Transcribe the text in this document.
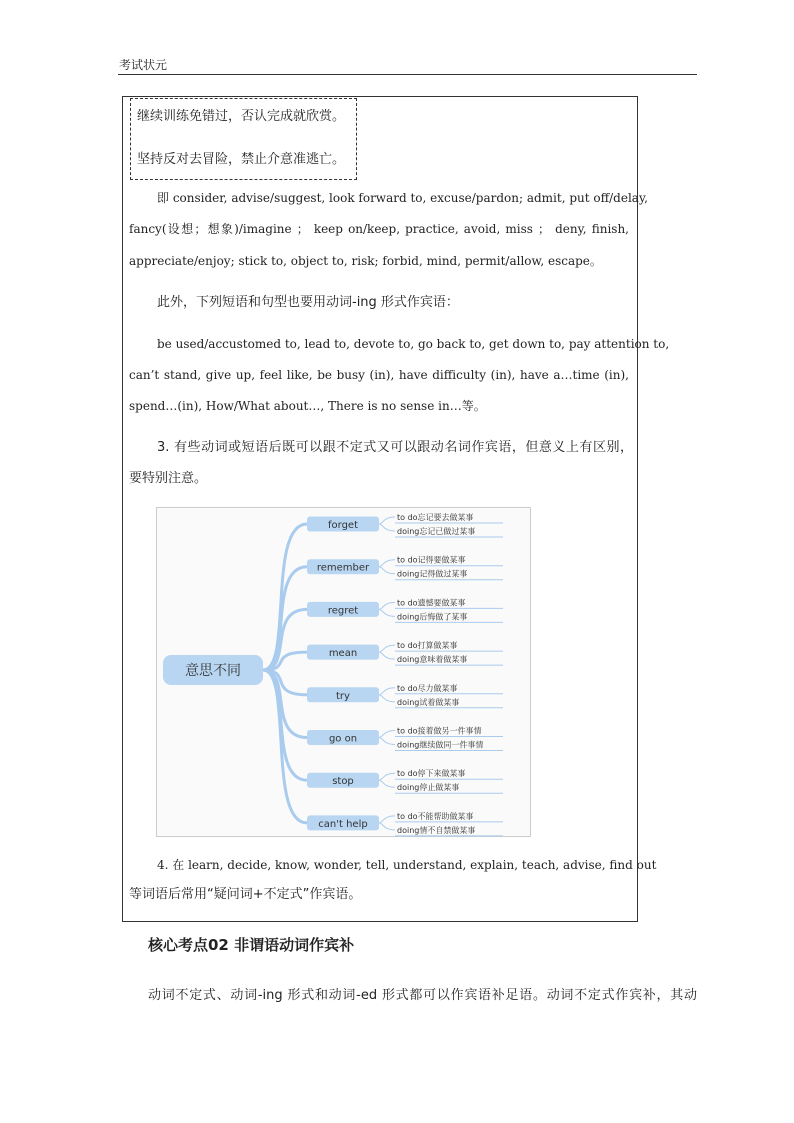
考试状元
继续训练免错过，否认完成就欣赏。
坚持反对去冒险，禁止介意准逃亡。
即 consider, advise/suggest, look forward to, excuse/pardon; admit, put off/delay,
fancy(设想；想象)/imagine ； keep on/keep, practice, avoid, miss ； deny, finish,
appreciate/enjoy; stick to, object to, risk; forbid, mind, permit/allow, escape。
此外，下列短语和句型也要用动词-ing 形式作宾语：
be used/accustomed to, lead to, devote to, go back to, get down to, pay attention to,
can’t stand, give up, feel like, be busy (in), have difficulty (in), have a…time (in),
spend…(in), How/What about…, There is no sense in…等。
3. 有些动词或短语后既可以跟不定式又可以跟动名词作宾语，但意义上有区别，
要特别注意。
意思不同
forget
to do忘记要去做某事
doing忘记已做过某事
remember
to do记得要做某事
doing记得做过某事
regret
to do遗憾要做某事
doing后悔做了某事
mean
to do打算做某事
doing意味着做某事
try
to do尽力做某事
doing试着做某事
go on
to do接着做另一件事情
doing继续做同一件事情
stop
to do停下来做某事
doing停止做某事
can't help
to do不能帮助做某事
doing情不自禁做某事
4. 在 learn, decide, know, wonder, tell, understand, explain, teach, advise, find out
等词语后常用“疑问词+不定式”作宾语。
核心考点02 非谓语动词作宾补
动词不定式、动词-ing 形式和动词-ed 形式都可以作宾语补足语。动词不定式作宾补，其动
